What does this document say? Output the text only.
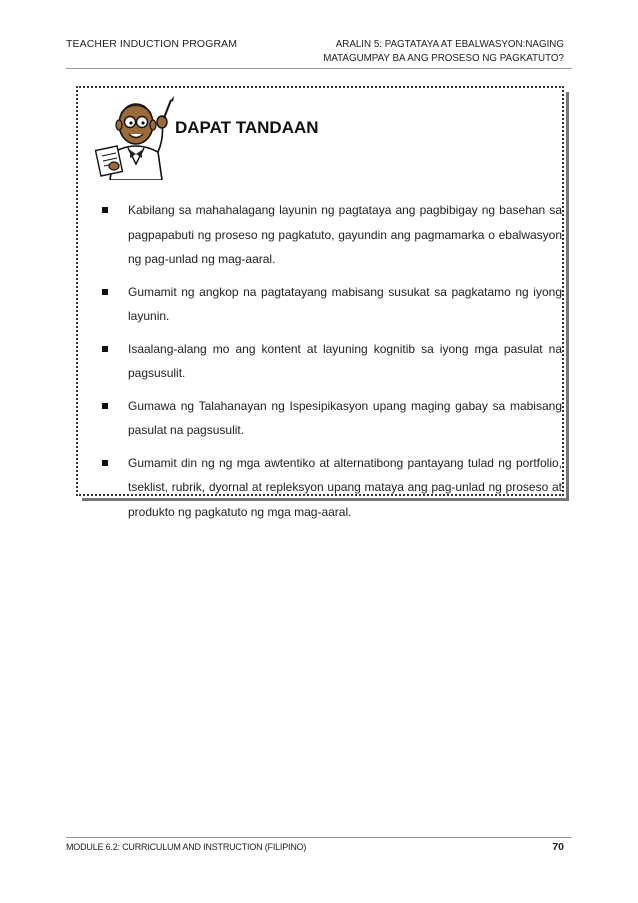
TEACHER INDUCTION PROGRAM	ARALIN 5: PAGTATAYA AT EBALWASYON:NAGING
MATAGUMPAY BA ANG PROSESO NG PAGKATUTO?
DAPAT TANDAAN
Kabilang sa mahahalagang layunin ng pagtataya ang pagbibigay ng basehan sa pagpapabuti ng proseso ng pagkatuto, gayundin ang pagmamarka o ebalwasyon ng pag-unlad ng mag-aaral.
Gumamit ng angkop na pagtatayang mabisang susukat sa pagkatamo ng iyong layunin.
Isaalang-alang mo ang kontent at layuning kognitib sa iyong mga pasulat na pagsusulit.
Gumawa ng Talahanayan ng Ispesipikasyon upang maging gabay sa mabisang pasulat na pagsusulit.
Gumamit din ng ng mga awtentiko at alternatibong pantayang tulad ng portfolio, tseklist, rubrik, dyornal at repleksyon upang mataya ang pag-unlad ng proseso at produkto ng pagkatuto ng mga mag-aaral.
MODULE 6.2: CURRICULUM AND INSTRUCTION (FILIPINO)	70
